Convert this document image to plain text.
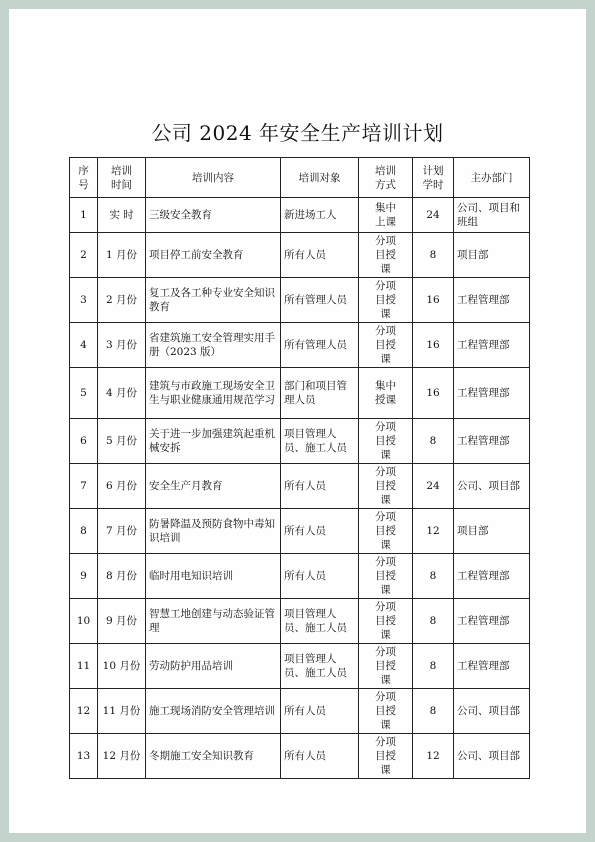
公司 2024 年安全生产培训计划
序号	培训时间	培训内容	培训对象	培训方式	计划学时	主办部门
1	实 时	三级安全教育	新进场工人	集中上课	24	公司、项目和班组
2	1 月份	项目停工前安全教育	所有人员	分项目授课	8	项目部
3	2 月份	复工及各工种专业安全知识教育	所有管理人员	分项目授课	16	工程管理部
4	3 月份	省建筑施工安全管理实用手册（2023 版）	所有管理人员	分项目授课	16	工程管理部
5	4 月份	建筑与市政施工现场安全卫生与职业健康通用规范学习	部门和项目管理人员	集中授课	16	工程管理部
6	5 月份	关于进一步加强建筑起重机械安拆	项目管理人员、施工人员	分项目授课	8	工程管理部
7	6 月份	安全生产月教育	所有人员	分项目授课	24	公司、项目部
8	7 月份	防暑降温及预防食物中毒知识培训	所有人员	分项目授课	12	项目部
9	8 月份	临时用电知识培训	所有人员	分项目授课	8	工程管理部
10	9 月份	智慧工地创建与动态验证管理	项目管理人员、施工人员	分项目授课	8	工程管理部
11	10 月份	劳动防护用品培训	项目管理人员、施工人员	分项目授课	8	工程管理部
12	11 月份	施工现场消防安全管理培训	所有人员	分项目授课	8	公司、项目部
13	12 月份	冬期施工安全知识教育	所有人员	分项目授课	12	公司、项目部
